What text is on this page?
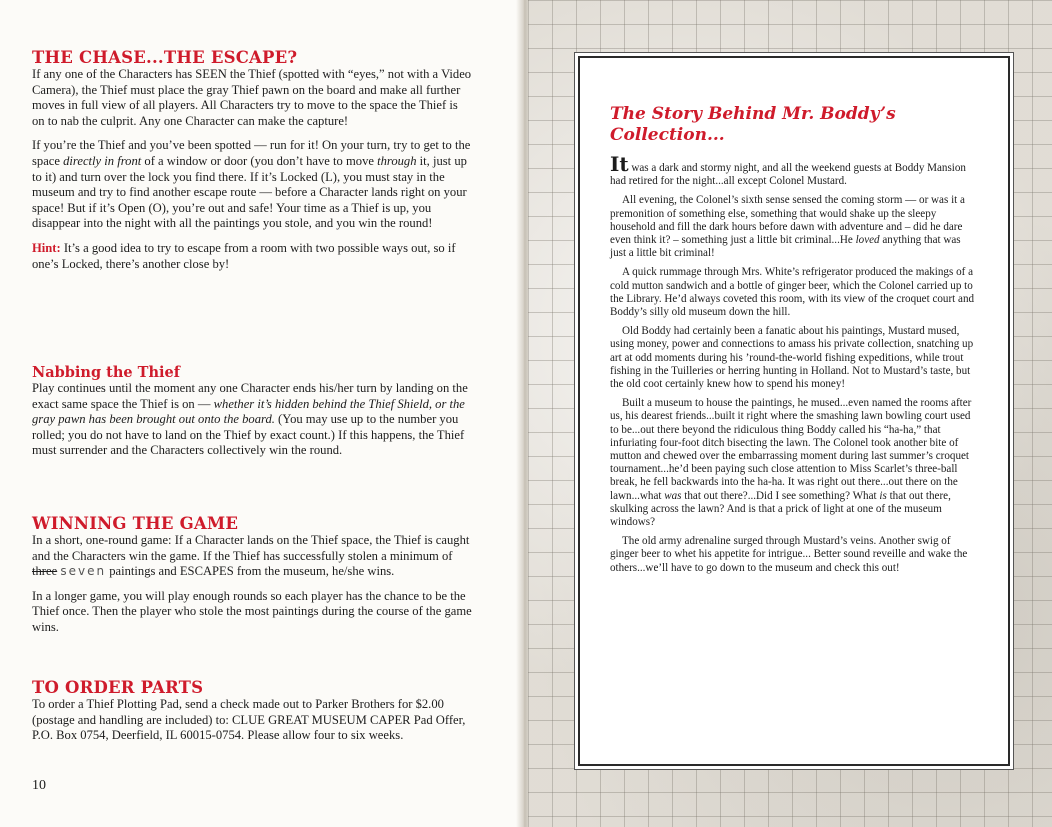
THE CHASE...THE ESCAPE?

If any one of the Characters has SEEN the Thief (spotted with “eyes,” not with a Video Camera), the Thief must place the gray Thief pawn on the board and make all further moves in full view of all players. All Characters try to move to the space the Thief is on to nab the culprit. Any one Character can make the capture!

If you’re the Thief and you’ve been spotted — run for it! On your turn, try to get to the space directly in front of a window or door (you don’t have to move through it, just up to it) and turn over the lock you find there. If it’s Locked (L), you must stay in the museum and try to find another escape route — before a Character lands right on your space! But if it’s Open (O), you’re out and safe! Your time as a Thief is up, you disappear into the night with all the paintings you stole, and you win the round!

Hint: It’s a good idea to try to escape from a room with two possible ways out, so if one’s Locked, there’s another close by!

Nabbing the Thief

Play continues until the moment any one Character ends his/her turn by landing on the exact same space the Thief is on — whether it’s hidden behind the Thief Shield, or the gray pawn has been brought out onto the board. (You may use up to the number you rolled; you do not have to land on the Thief by exact count.) If this happens, the Thief must surrender and the Characters collectively win the round.

WINNING THE GAME

In a short, one-round game: If a Character lands on the Thief space, the Thief is caught and the Characters win the game. If the Thief has successfully stolen a minimum of three seven paintings and ESCAPES from the museum, he/she wins.

In a longer game, you will play enough rounds so each player has the chance to be the Thief once. Then the player who stole the most paintings during the course of the game wins.

TO ORDER PARTS

To order a Thief Plotting Pad, send a check made out to Parker Brothers for $2.00 (postage and handling are included) to: CLUE GREAT MUSEUM CAPER Pad Offer, P.O. Box 0754, Deerfield, IL 60015-0754. Please allow four to six weeks.

10
The Story Behind Mr. Boddy’s Collection...

It was a dark and stormy night, and all the weekend guests at Boddy Mansion had retired for the night...all except Colonel Mustard.

All evening, the Colonel’s sixth sense sensed the coming storm — or was it a premonition of something else, something that would shake up the sleepy household and fill the dark hours before dawn with adventure and – did he dare even think it? – something just a little bit criminal...He loved anything that was just a little bit criminal!

A quick rummage through Mrs. White’s refrigerator produced the makings of a cold mutton sandwich and a bottle of ginger beer, which the Colonel carried up to the Library. He’d always coveted this room, with its view of the croquet court and Boddy’s silly old museum down the hill.

Old Boddy had certainly been a fanatic about his paintings, Mustard mused, using money, power and connections to amass his private collection, snatching up art at odd moments during his ’round-the-world fishing expeditions, while trout fishing in the Tuilleries or herring hunting in Holland. Not to Mustard’s taste, but the old coot certainly knew how to spend his money!

Built a museum to house the paintings, he mused...even named the rooms after us, his dearest friends...built it right where the smashing lawn bowling court used to be...out there beyond the ridiculous thing Boddy called his “ha-ha,” that infuriating four-foot ditch bisecting the lawn. The Colonel took another bite of mutton and chewed over the embarrassing moment during last summer’s croquet tournament...he’d been paying such close attention to Miss Scarlet’s three-ball break, he fell backwards into the ha-ha. It was right out there...out there on the lawn...what was that out there?...Did I see something? What is that out there, skulking across the lawn? And is that a prick of light at one of the museum windows?

The old army adrenaline surged through Mustard’s veins. Another swig of ginger beer to whet his appetite for intrigue... Better sound reveille and wake the others...we’ll have to go down to the museum and check this out!
